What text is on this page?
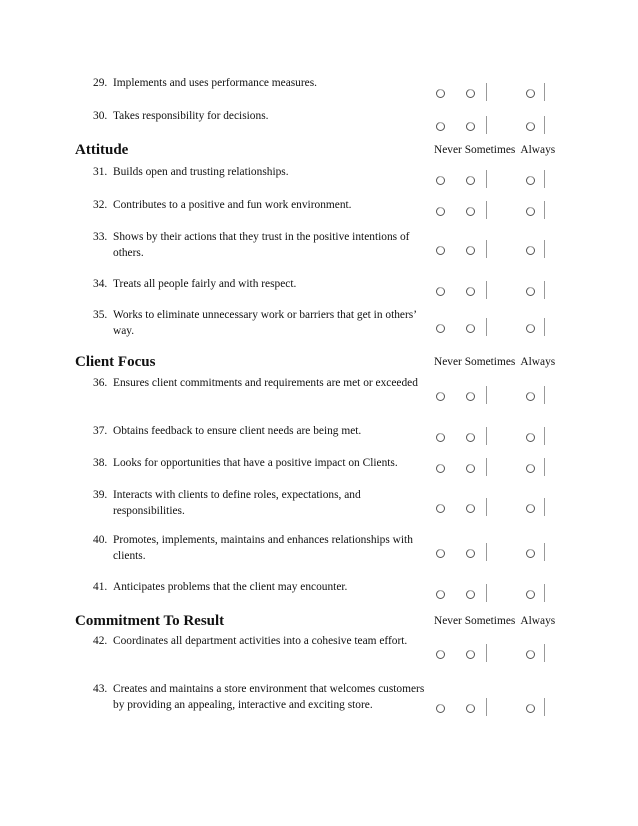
29. Implements and uses performance measures.
30. Takes responsibility for decisions.
Attitude	Never Sometimes Always
31. Builds open and trusting relationships.
32. Contributes to a positive and fun work environment.
33. Shows by their actions that they trust in the positive intentions of others.
34. Treats all people fairly and with respect.
35. Works to eliminate unnecessary work or barriers that get in others’ way.
Client Focus	Never Sometimes Always
36. Ensures client commitments and requirements are met or exceeded
37. Obtains feedback to ensure client needs are being met.
38. Looks for opportunities that have a positive impact on Clients.
39. Interacts with clients to define roles, expectations, and responsibilities.
40. Promotes, implements, maintains and enhances relationships with clients.
41. Anticipates problems that the client may encounter.
Commitment To Result	Never Sometimes Always
42. Coordinates all department activities into a cohesive team effort.
43. Creates and maintains a store environment that welcomes customers by providing an appealing, interactive and exciting store.
